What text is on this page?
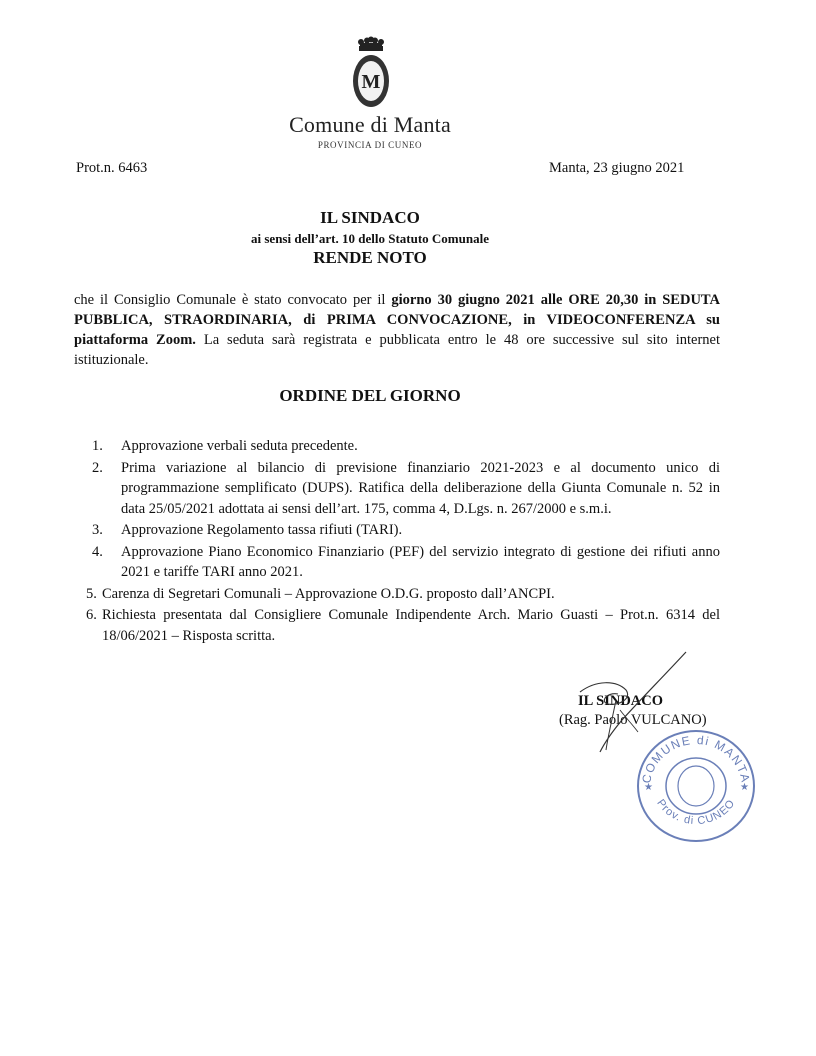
M
Comune di Manta
PROVINCIA DI CUNEO
Prot.n. 6463	Manta, 23 giugno 2021
IL SINDACO
ai sensi dell’art. 10 dello Statuto Comunale
RENDE NOTO
che il Consiglio Comunale è stato convocato per il giorno 30 giugno 2021 alle ORE 20,30 in SEDUTA PUBBLICA, STRAORDINARIA, di PRIMA CONVOCAZIONE, in VIDEOCONFERENZA su piattaforma Zoom. La seduta sarà registrata e pubblicata entro le 48 ore successive sul sito internet istituzionale.
ORDINE DEL GIORNO
1.	Approvazione verbali seduta precedente.
2.	Prima variazione al bilancio di previsione finanziario 2021-2023 e al documento unico di programmazione semplificato (DUPS). Ratifica della deliberazione della Giunta Comunale n. 52 in data 25/05/2021 adottata ai sensi dell’art. 175, comma 4, D.Lgs. n. 267/2000 e s.m.i.
3.	Approvazione Regolamento tassa rifiuti (TARI).
4.	Approvazione Piano Economico Finanziario (PEF) del servizio integrato di gestione dei rifiuti anno 2021 e tariffe TARI anno 2021.
5. Carenza di Segretari Comunali – Approvazione O.D.G. proposto dall’ANCPI.
6. Richiesta presentata dal Consigliere Comunale Indipendente Arch. Mario Guasti – Prot.n. 6314 del 18/06/2021 – Risposta scritta.
COMUNE di MANTA
Prov. di CUNEO
★	★
IL SINDACO
(Rag. Paolo VULCANO)
